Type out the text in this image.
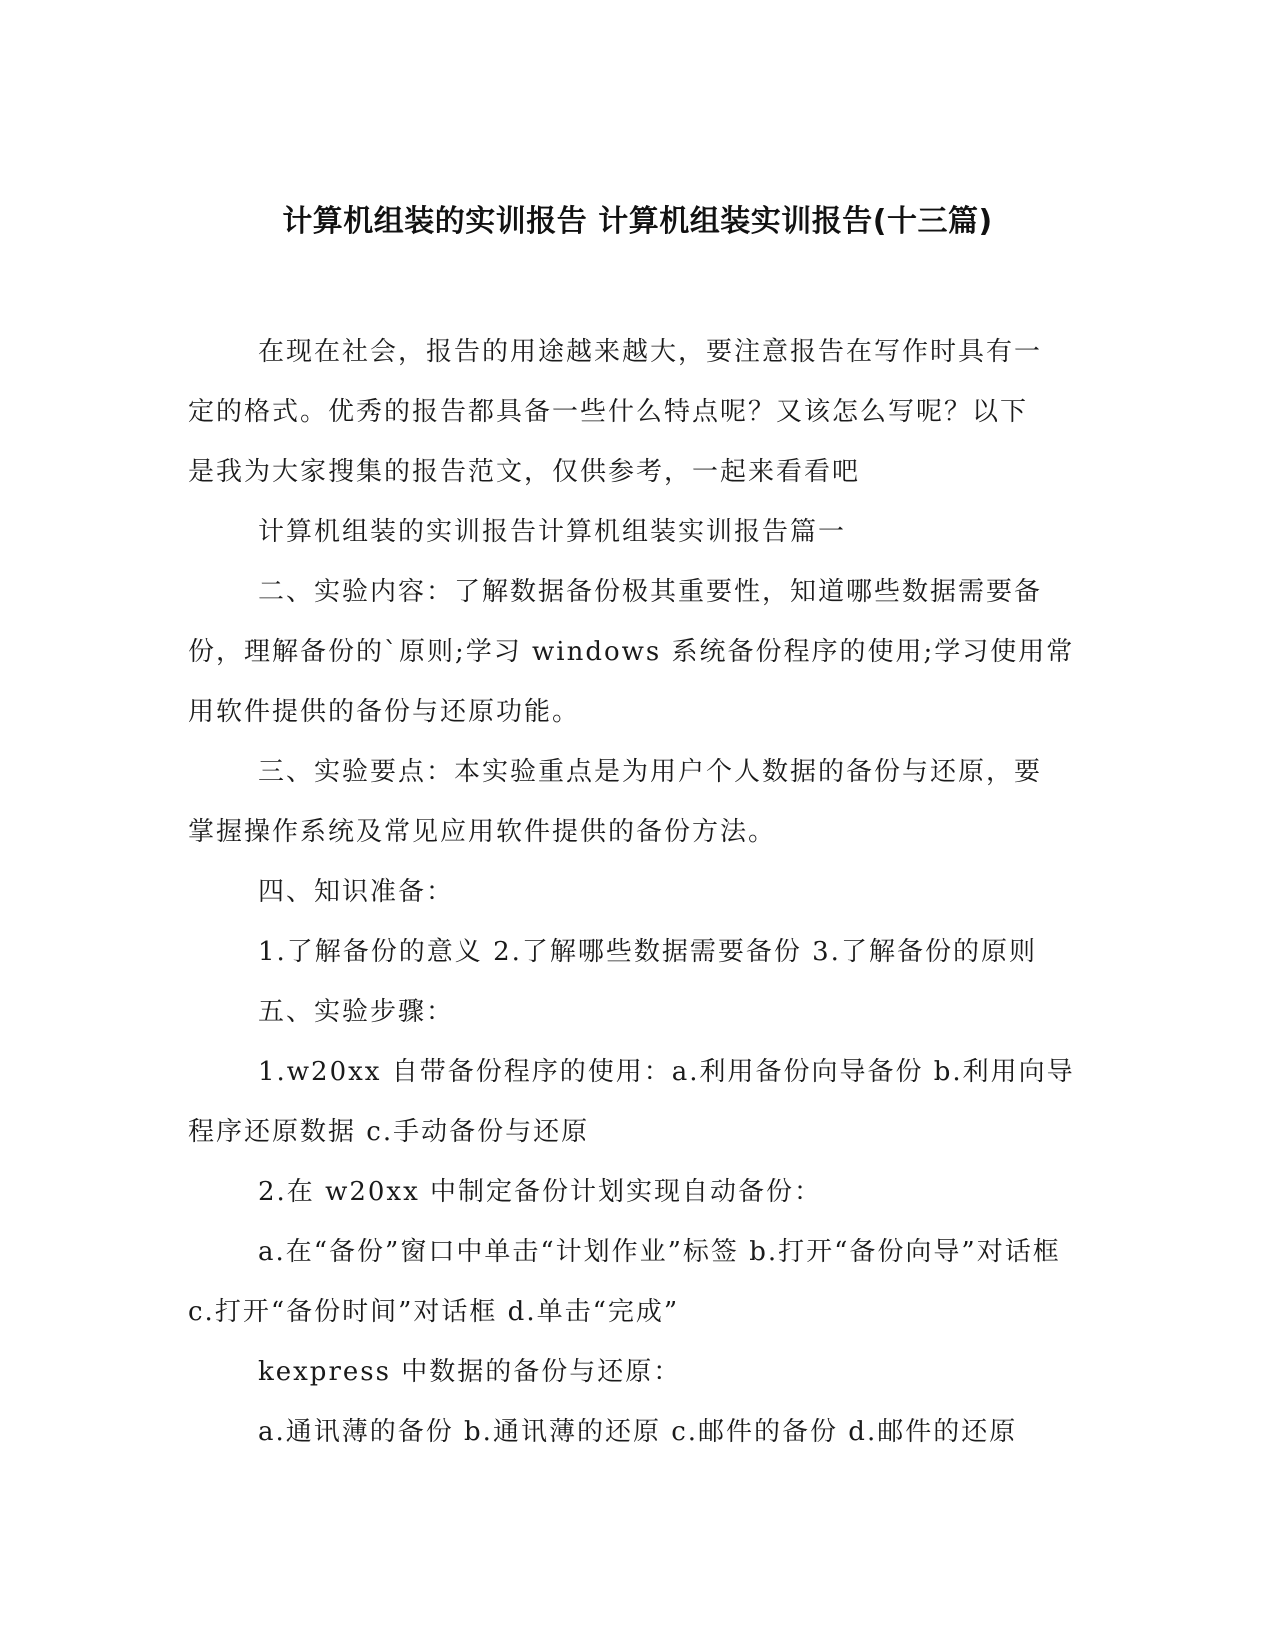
计算机组装的实训报告 计算机组装实训报告(十三篇)
在现在社会，报告的用途越来越大，要注意报告在写作时具有一
定的格式。优秀的报告都具备一些什么特点呢？又该怎么写呢？以下
是我为大家搜集的报告范文，仅供参考，一起来看看吧
计算机组装的实训报告计算机组装实训报告篇一
二、实验内容：了解数据备份极其重要性，知道哪些数据需要备
份，理解备份的`原则;学习 windows 系统备份程序的使用;学习使用常
用软件提供的备份与还原功能。
三、实验要点：本实验重点是为用户个人数据的备份与还原，要
掌握操作系统及常见应用软件提供的备份方法。
四、知识准备：
1.了解备份的意义 2.了解哪些数据需要备份 3.了解备份的原则
五、实验步骤：
1.w20xx 自带备份程序的使用：a.利用备份向导备份 b.利用向导
程序还原数据 c.手动备份与还原
2.在 w20xx 中制定备份计划实现自动备份：
a.在“备份”窗口中单击“计划作业”标签 b.打开“备份向导”对话框
c.打开“备份时间”对话框 d.单击“完成”
kexpress 中数据的备份与还原：
a.通讯薄的备份 b.通讯薄的还原 c.邮件的备份 d.邮件的还原
